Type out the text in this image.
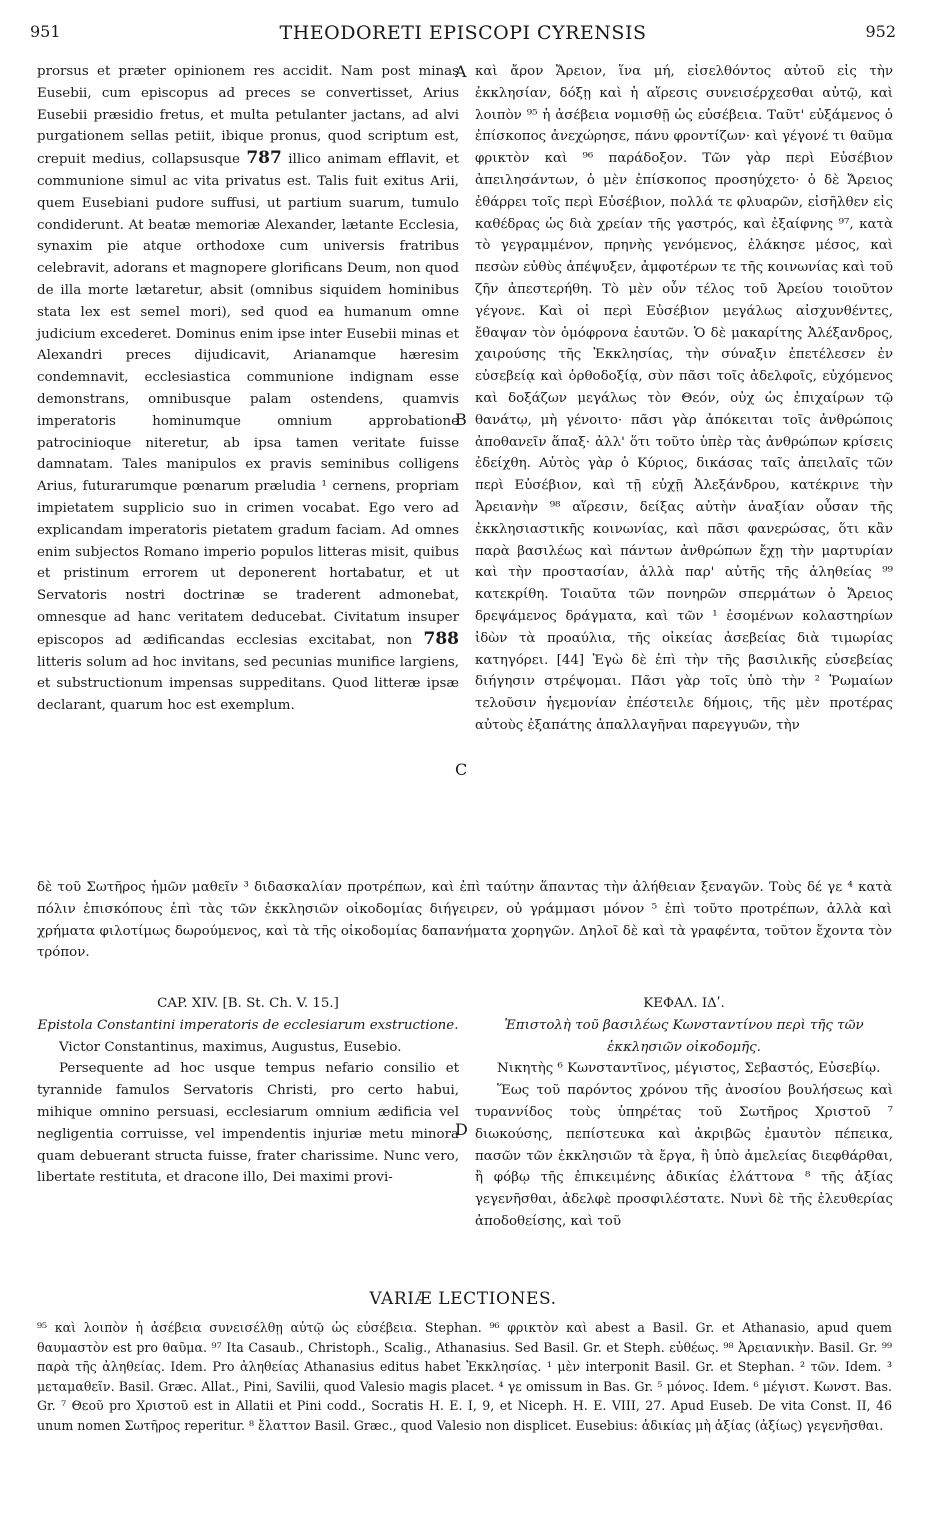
951	THEODORETI EPISCOPI CYRENSIS	952
A
B
C
D

prorsus et præter opinionem res accidit. Nam post minas Eusebii, cum episcopus ad preces se convertisset, Arius Eusebii præsidio fretus, et multa petulanter jactans, ad alvi purgationem sellas petiit, ibique pronus, quod scriptum est, crepuit medius, collapsusque 787 illico animam efflavit, et communione simul ac vita privatus est. Talis fuit exitus Arii, quem Eusebiani pudore suffusi, ut partium suarum, tumulo condiderunt. At beatæ memoriæ Alexander, lætante Ecclesia, synaxim pie atque orthodoxe cum universis fratribus celebravit, adorans et magnopere glorificans Deum, non quod de illa morte lætaretur, absit (omnibus siquidem hominibus stata lex est semel mori), sed quod ea humanum omne judicium excederet. Dominus enim ipse inter Eusebii minas et Alexandri preces dijudicavit, Arianamque hæresim condemnavit, ecclesiastica communione indignam esse demonstrans, omnibusque palam ostendens, quamvis imperatoris hominumque omnium approbatione patrocinioque niteretur, ab ipsa tamen veritate fuisse damnatam. Tales manipulos ex pravis seminibus colligens Arius, futurarumque pœnarum præludia ¹ cernens, propriam impietatem supplicio suo in crimen vocabat. Ego vero ad explicandam imperatoris pietatem gradum faciam. Ad omnes enim subjectos Romano imperio populos litteras misit, quibus et pristinum errorem ut deponerent hortabatur, et ut Servatoris nostri doctrinæ se traderent admonebat, omnesque ad hanc veritatem deducebat. Civitatum insuper episcopos ad ædificandas ecclesias excitabat, non 788 litteris solum ad hoc invitans, sed pecunias munifice largiens, et substructionum impensas suppeditans. Quod litteræ ipsæ declarant, quarum hoc est exemplum.

καὶ ἄρον Ἄρειον, ἵνα μή, εἰσελθόντος αὐτοῦ εἰς τὴν ἐκκλησίαν, δόξῃ καὶ ἡ αἵρεσις συνεισέρχεσθαι αὐτῷ, καὶ λοιπὸν ⁹⁵ ἡ ἀσέβεια νομισθῇ ὡς εὐσέβεια. Ταῦτ' εὐξάμενος ὁ ἐπίσκοπος ἀνεχώρησε, πάνυ φροντίζων· καὶ γέγονέ τι θαῦμα φρικτὸν καὶ ⁹⁶ παράδοξον. Τῶν γὰρ περὶ Εὐσέβιον ἀπειλησάντων, ὁ μὲν ἐπίσκοπος προσηύχετο· ὁ δὲ Ἄρειος ἐθάρρει τοῖς περὶ Εὐσέβιον, πολλά τε φλυαρῶν, εἰσῆλθεν εἰς καθέδρας ὡς διὰ χρείαν τῆς γαστρός, καὶ ἐξαίφνης ⁹⁷, κατὰ τὸ γεγραμμένον, πρηνὴς γενόμενος, ἐλάκησε μέσος, καὶ πεσὼν εὐθὺς ἀπέψυξεν, ἀμφοτέρων τε τῆς κοινωνίας καὶ τοῦ ζῆν ἀπεστερήθη. Τὸ μὲν οὖν τέλος τοῦ Ἀρείου τοιοῦτον γέγονε. Καὶ οἱ περὶ Εὐσέβιον μεγάλως αἰσχυνθέντες, ἔθαψαν τὸν ὁμόφρονα ἑαυτῶν. Ὁ δὲ μακαρίτης Ἀλέξανδρος, χαιρούσης τῆς Ἐκκλησίας, τὴν σύναξιν ἐπετέλεσεν ἐν εὐσεβείᾳ καὶ ὀρθοδοξίᾳ, σὺν πᾶσι τοῖς ἀδελφοῖς, εὐχόμενος καὶ δοξάζων μεγάλως τὸν Θεόν, οὐχ ὡς ἐπιχαίρων τῷ θανάτῳ, μὴ γένοιτο· πᾶσι γὰρ ἀπόκειται τοῖς ἀνθρώποις ἀποθανεῖν ἅπαξ· ἀλλ' ὅτι τοῦτο ὑπὲρ τὰς ἀνθρώπων κρίσεις ἐδείχθη. Αὐτὸς γὰρ ὁ Κύριος, δικάσας ταῖς ἀπειλαῖς τῶν περὶ Εὐσέβιον, καὶ τῇ εὐχῇ Ἀλεξάνδρου, κατέκρινε τὴν Ἀρειανὴν ⁹⁸ αἵρεσιν, δείξας αὐτὴν ἀναξίαν οὖσαν τῆς ἐκκλησιαστικῆς κοινωνίας, καὶ πᾶσι φανερώσας, ὅτι κἂν παρὰ βασιλέως καὶ πάντων ἀνθρώπων ἔχῃ τὴν μαρτυρίαν καὶ τὴν προστασίαν, ἀλλὰ παρ' αὐτῆς τῆς ἀληθείας ⁹⁹ κατεκρίθη. Τοιαῦτα τῶν πονηρῶν σπερμάτων ὁ Ἄρειος δρεψάμενος δράγματα, καὶ τῶν ¹ ἐσομένων κολαστηρίων ἰδὼν τὰ προαύλια, τῆς οἰκείας ἀσεβείας διὰ τιμωρίας κατηγόρει. [44] Ἐγὼ δὲ ἐπὶ τὴν τῆς βασιλικῆς εὐσεβείας διήγησιν στρέψομαι. Πᾶσι γὰρ τοῖς ὑπὸ τὴν ² Ῥωμαίων τελοῦσιν ἡγεμονίαν ἐπέστειλε δήμοις, τῆς μὲν προτέρας αὐτοὺς ἐξαπάτης ἀπαλλαγῆναι παρεγγυῶν, τὴν

δὲ τοῦ Σωτῆρος ἡμῶν μαθεῖν ³ διδασκαλίαν προτρέπων, καὶ ἐπὶ ταύτην ἅπαντας τὴν ἀλήθειαν ξεναγῶν. Τοὺς δέ γε ⁴ κατὰ πόλιν ἐπισκόπους ἐπὶ τὰς τῶν ἐκκλησιῶν οἰκοδομίας διήγειρεν, οὐ γράμμασι μόνον ⁵ ἐπὶ τοῦτο προτρέπων, ἀλλὰ καὶ χρήματα φιλοτίμως δωρούμενος, καὶ τὰ τῆς οἰκοδομίας δαπανήματα χορηγῶν. Δηλοῖ δὲ καὶ τὰ γραφέντα, τοῦτον ἔχοντα τὸν τρόπον.

CAP. XIV. [B. St. Ch. V. 15.]

Epistola Constantini imperatoris de ecclesiarum exstructione.

Victor Constantinus, maximus, Augustus, Eusebio.

Persequente ad hoc usque tempus nefario consilio et tyrannide famulos Servatoris Christi, pro certo habui, mihique omnino persuasi, ecclesiarum omnium ædificia vel negligentia corruisse, vel impendentis injuriæ metu minora quam debuerant structa fuisse, frater charissime. Nunc vero, libertate restituta, et dracone illo, Dei maximi provi-

ΚΕΦΑΛ. ΙΔʹ.

Ἐπιστολὴ τοῦ βασιλέως Κωνσταντίνου περὶ τῆς τῶν ἐκκλησιῶν οἰκοδομῆς.

Νικητὴς ⁶ Κωνσταντῖνος, μέγιστος, Σεβαστός, Εὐσεβίῳ.

Ἕως τοῦ παρόντος χρόνου τῆς ἀνοσίου βουλήσεως καὶ τυραννίδος τοὺς ὑπηρέτας τοῦ Σωτῆρος Χριστοῦ ⁷ διωκούσης, πεπίστευκα καὶ ἀκριβῶς ἐμαυτὸν πέπεικα, πασῶν τῶν ἐκκλησιῶν τὰ ἔργα, ἢ ὑπὸ ἀμελείας διεφθάρθαι, ἢ φόβῳ τῆς ἐπικειμένης ἀδικίας ἐλάττονα ⁸ τῆς ἀξίας γεγενῆσθαι, ἀδελφὲ προσφιλέστατε. Νυνὶ δὲ τῆς ἐλευθερίας ἀποδοθείσης, καὶ τοῦ

VARIÆ LECTIONES.

⁹⁵ καὶ λοιπὸν ἡ ἀσέβεια συνεισέλθῃ αὐτῷ ὡς εὐσέβεια. Stephan. ⁹⁶ φρικτὸν καὶ abest a Basil. Gr. et Athanasio, apud quem θαυμαστὸν est pro θαῦμα. ⁹⁷ Ita Casaub., Christoph., Scalig., Athanasius. Sed Basil. Gr. et Steph. εὐθέως. ⁹⁸ Ἀρειανικὴν. Basil. Gr. ⁹⁹ παρὰ τῆς ἀληθείας. Idem. Pro ἀληθείας Athanasius editus habet Ἐκκλησίας. ¹ μὲν interponit Basil. Gr. et Stephan. ² τῶν. Idem. ³ μεταμαθεῖν. Basil. Græc. Allat., Pini, Savilii, quod Valesio magis placet. ⁴ γε omissum in Bas. Gr. ⁵ μόνος. Idem. ⁶ μέγιστ. Κωνστ. Bas. Gr. ⁷ Θεοῦ pro Χριστοῦ est in Allatii et Pini codd., Socratis H. E. I, 9, et Niceph. H. E. VIII, 27. Apud Euseb. De vita Const. II, 46 unum nomen Σωτῆρος reperitur. ⁸ ἔλαττον Basil. Græc., quod Valesio non displicet. Eusebius: ἀδικίας μὴ ἀξίας (ἀξίως) γεγενῆσθαι.
